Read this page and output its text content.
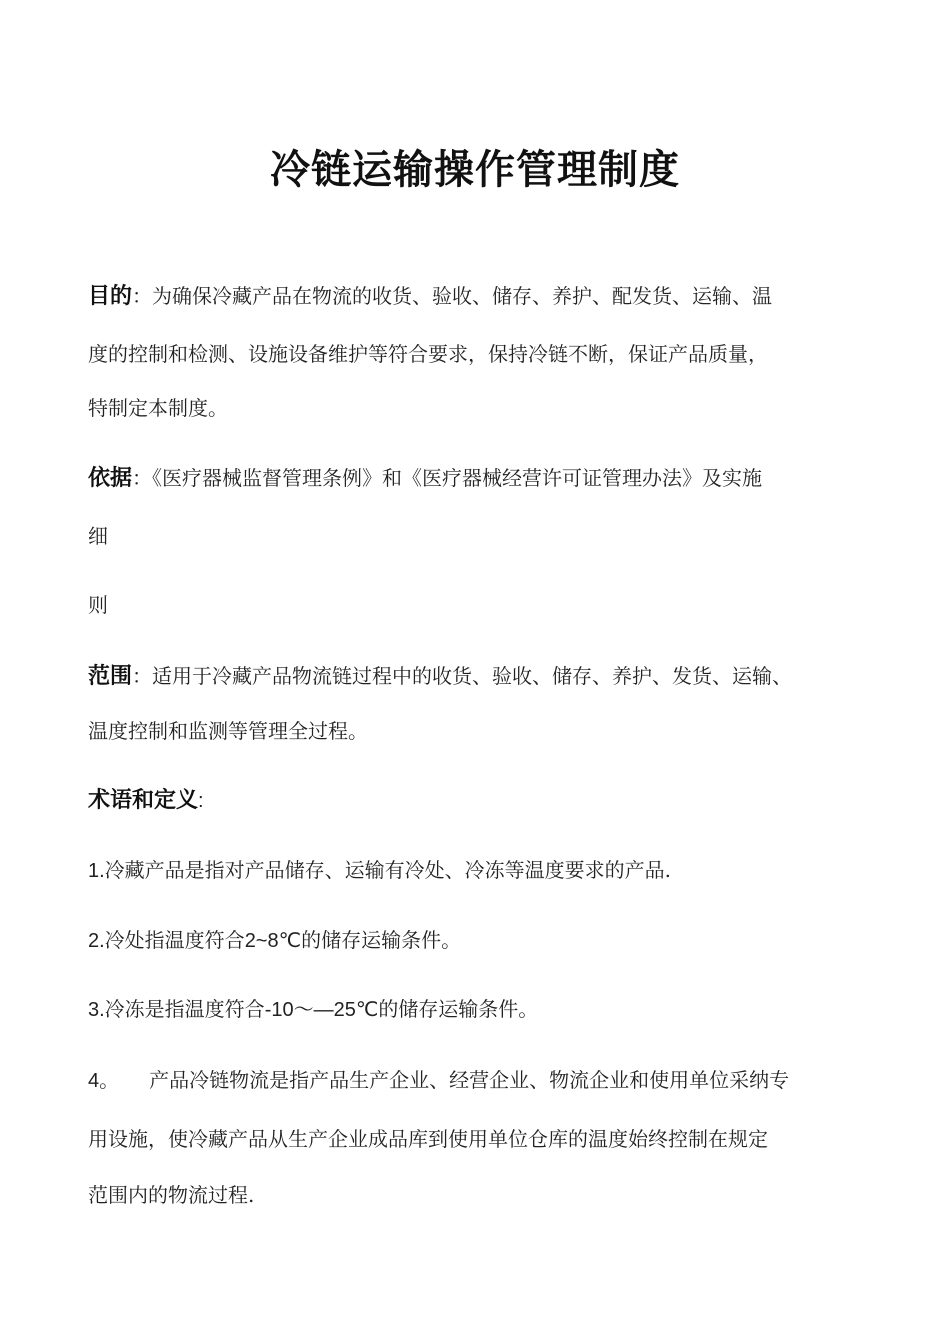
冷链运输操作管理制度
目的：为确保冷藏产品在物流的收货、验收、储存、养护、配发货、运输、温
度的控制和检测、设施设备维护等符合要求，保持冷链不断，保证产品质量，
特制定本制度。
依据：《医疗器械监督管理条例》和《医疗器械经营许可证管理办法》及实施
细
则
范围：适用于冷藏产品物流链过程中的收货、验收、储存、养护、发货、运输、
温度控制和监测等管理全过程。
术语和定义:
1.冷藏产品是指对产品储存、运输有冷处、冷冻等温度要求的产品.
2.冷处指温度符合2~8℃的储存运输条件。
3.冷冻是指温度符合-10～—25℃的储存运输条件。
4。 产品冷链物流是指产品生产企业、经营企业、物流企业和使用单位采纳专
用设施，使冷藏产品从生产企业成品库到使用单位仓库的温度始终控制在规定
范围内的物流过程.
